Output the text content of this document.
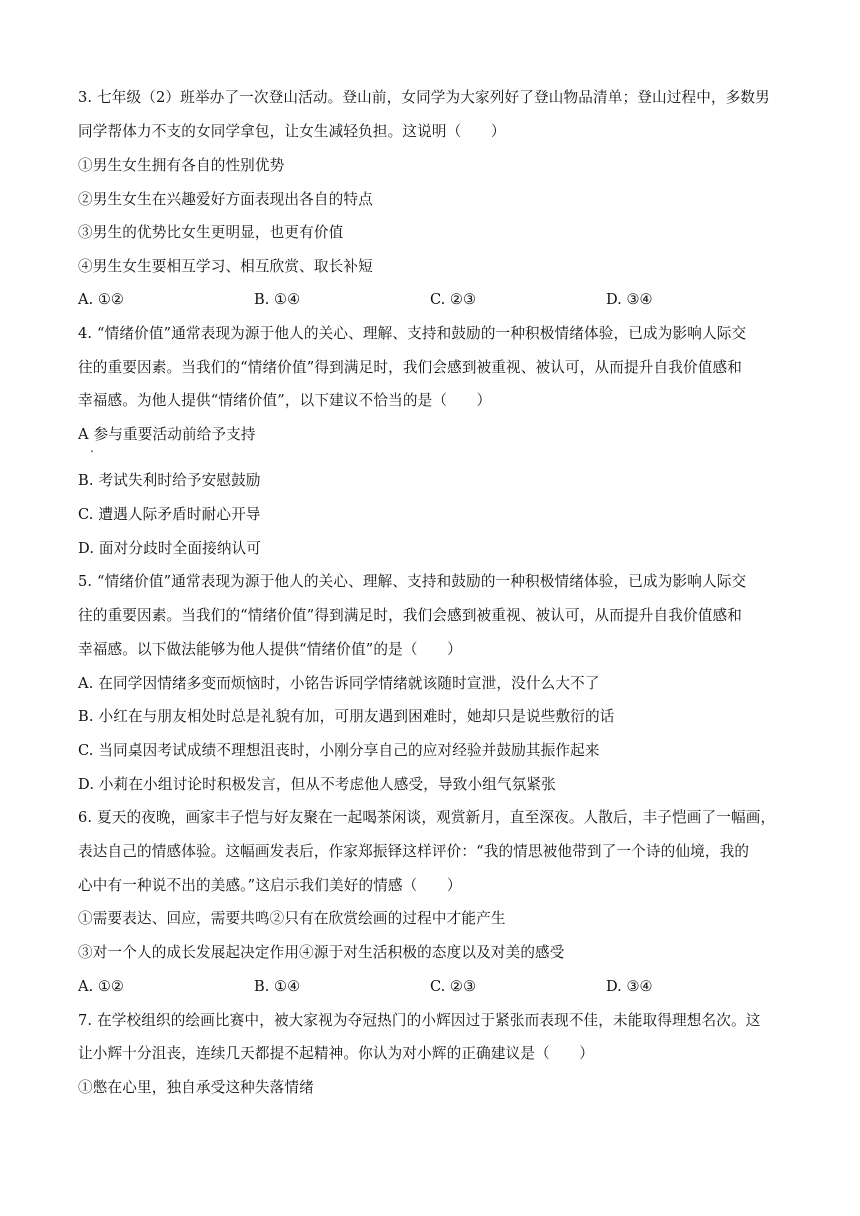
3. 七年级（2）班举办了一次登山活动。登山前，女同学为大家列好了登山物品清单；登山过程中，多数男
同学帮体力不支的女同学拿包，让女生减轻负担。这说明（　　）
①男生女生拥有各自的性别优势
②男生女生在兴趣爱好方面表现出各自的特点
③男生的优势比女生更明显，也更有价值
④男生女生要相互学习、相互欣赏、取长补短
A. ①②	B. ①④	C. ②③	D. ③④
4. “情绪价值”通常表现为源于他人的关心、理解、支持和鼓励的一种积极情绪体验，已成为影响人际交
往的重要因素。当我们的“情绪价值”得到满足时，我们会感到被重视、被认可，从而提升自我价值感和
幸福感。为他人提供“情绪价值”，以下建议不恰当的是（　　）
A 参与重要活动前给予支持
.
B. 考试失利时给予安慰鼓励
C. 遭遇人际矛盾时耐心开导
D. 面对分歧时全面接纳认可
5. “情绪价值”通常表现为源于他人的关心、理解、支持和鼓励的一种积极情绪体验，已成为影响人际交
往的重要因素。当我们的“情绪价值”得到满足时，我们会感到被重视、被认可，从而提升自我价值感和
幸福感。以下做法能够为他人提供“情绪价值”的是（　　）
A. 在同学因情绪多变而烦恼时，小铭告诉同学情绪就该随时宣泄，没什么大不了
B. 小红在与朋友相处时总是礼貌有加，可朋友遇到困难时，她却只是说些敷衍的话
C. 当同桌因考试成绩不理想沮丧时，小刚分享自己的应对经验并鼓励其振作起来
D. 小莉在小组讨论时积极发言，但从不考虑他人感受，导致小组气氛紧张
6. 夏天的夜晚，画家丰子恺与好友聚在一起喝茶闲谈，观赏新月，直至深夜。人散后，丰子恺画了一幅画，
表达自己的情感体验。这幅画发表后，作家郑振铎这样评价：“我的情思被他带到了一个诗的仙境，我的
心中有一种说不出的美感。”这启示我们美好的情感（　　）
①需要表达、回应，需要共鸣②只有在欣赏绘画的过程中才能产生
③对一个人的成长发展起决定作用④源于对生活积极的态度以及对美的感受
A. ①②	B. ①④	C. ②③	D. ③④
7. 在学校组织的绘画比赛中，被大家视为夺冠热门的小辉因过于紧张而表现不佳，未能取得理想名次。这
让小辉十分沮丧，连续几天都提不起精神。你认为对小辉的正确建议是（　　）
①憋在心里，独自承受这种失落情绪
